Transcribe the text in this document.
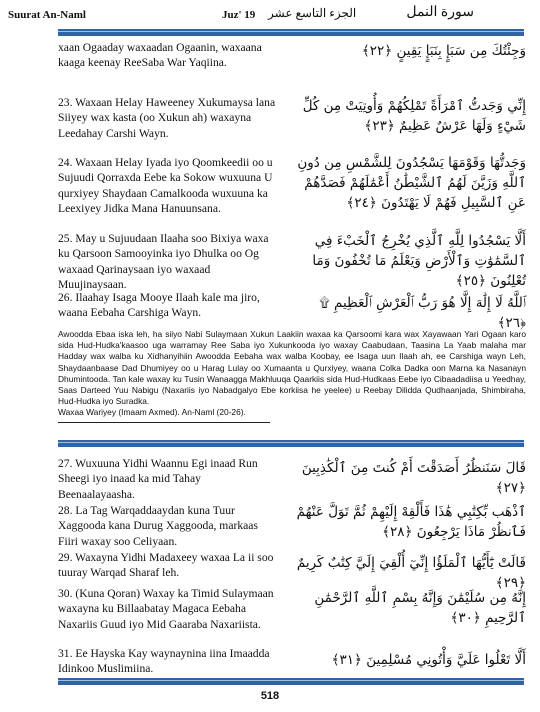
Suurat An-Naml	Juz' 19 الجزء التاسع عشر	سورة النمل
xaan Ogaaday waxaadan Ogaanin, waxaana kaaga keenay ReeSaba War Yaqiina.
وَجِئْتُكَ مِن سَبَإٍ بِنَبَإٍ يَقِينٍ ﴿٢٢﴾
23. Waxaan Helay Haweeney Xukumaysa lana Siiyey wax kasta (oo Xukun ah) waxayna Leedahay Carshi Wayn.
إِنِّي وَجَدتُّ ٱمْرَأَةً تَمْلِكُهُمْ وَأُوتِيَتْ مِن كُلِّ شَيْءٍ وَلَهَا عَرْشٌ عَظِيمٌ ﴿٢٣﴾
24. Waxaan Helay Iyada iyo Qoomkeedii oo u Sujuudi Qorraxda Eebe ka Sokow wuxuuna U qurxiyey Shaydaan Camalkooda wuxuuna ka Leexiyey Jidka Mana Hanuunsana.
وَجَدتُّهَا وَقَوْمَهَا يَسْجُدُونَ لِلشَّمْسِ مِن دُونِ ٱللَّهِ وَزَيَّنَ لَهُمُ ٱلشَّيْطَٰنُ أَعْمَٰلَهُمْ فَصَدَّهُمْ عَنِ ٱلسَّبِيلِ فَهُمْ لَا يَهْتَدُونَ ﴿٢٤﴾
25. May u Sujuudaan Ilaaha soo Bixiya waxa ku Qarsoon Samooyinka iyo Dhulka oo Og waxaad Qarinaysaan iyo waxaad Muujinaysaan.
أَلَّا يَسْجُدُوا لِلَّهِ ٱلَّذِي يُخْرِجُ ٱلْخَبْءَ فِي ٱلسَّمَٰوَٰتِ وَٱلْأَرْضِ وَيَعْلَمُ مَا تُخْفُونَ وَمَا تُعْلِنُونَ ﴿٢٥﴾
26. Ilaahay Isaga Mooye Ilaah kale ma jiro, waana Eebaha Carshiga Wayn.
ٱللَّهُ لَا إِلَٰهَ إِلَّا هُوَ رَبُّ ٱلْعَرْشِ ٱلْعَظِيمِ ۩ ﴿٢٦﴾
Awoodda Ebaa iska leh, ha siiyo Nabi Sulaymaan Xukun Laakiin waxaa ka Qarsoomi kara wax Xayawaan Yari Ogaan karo sida Hud-Hudka'kaasoo uga warramay Ree Saba iyo Xukunkooda iyo waxay Caabudaan, Taasina La Yaab malaha mar Hadday wax walba ku Xidhanyihiin Awoodda Eebaha wax walba Koobay, ee Isaga uun Ilaah ah, ee Carshiga wayn Leh, Shaydaanbaase Dad Dhumiyey oo u Harag Lulay oo Xumaanta u Qurxiyey, waana Colka Dadka oon Marna ka Nasanayn Dhumintooda. Tan kale waxay ku Tusin Wanaagga Makhluuqa Qaarkiis sida Hud-Hudkaas Eebe iyo Cibaadadiisa u Yeedhay, Saas Darteed Yuu Nabigu (Naxariis iyo Nabadgalyo Ebe korkiisa he yeelee) u Reebay Dilidda Qudhaanjada, Shimbiraha, Hud-Hudka iyo Suradka.
Waxaa Wariyey (Imaam Axmed). An-Naml (20-26).
27. Wuxuuna Yidhi Waannu Egi inaad Run Sheegi iyo inaad ka mid Tahay Beenaalayaasha.
قَالَ سَنَنظُرُ أَصَدَقْتَ أَمْ كُنتَ مِنَ ٱلْكَٰذِبِينَ ﴿٢٧﴾
28. La Tag Warqaddaaydan kuna Tuur Xaggooda kana Durug Xaggooda, markaas Fiiri waxay soo Celiyaan.
ٱذْهَب بِّكِتَٰبِي هَٰذَا فَأَلْقِهْ إِلَيْهِمْ ثُمَّ تَوَلَّ عَنْهُمْ فَٱنظُرْ مَاذَا يَرْجِعُونَ ﴿٢٨﴾
29. Waxayna Yidhi Madaxeey waxaa La ii soo tuuray Warqad Sharaf leh.
قَالَتْ يَٰٓأَيُّهَا ٱلْمَلَؤُا إِنِّيٓ أُلْقِيَ إِلَيَّ كِتَٰبٌ كَرِيمٌ ﴿٢٩﴾
30. (Kuna Qoran) Waxay ka Timid Sulaymaan waxayna ku Billaabatay Magaca Eebaha Naxariis Guud iyo Mid Gaaraba Naxariista.
إِنَّهُ مِن سُلَيْمَٰنَ وَإِنَّهُ بِسْمِ ٱللَّهِ ٱلرَّحْمَٰنِ ٱلرَّحِيمِ ﴿٣٠﴾
31. Ee Hayska Kay waynaynina iina Imaadda Idinkoo Muslimiina.
أَلَّا تَعْلُوا عَلَيَّ وَأْتُونِي مُسْلِمِينَ ﴿٣١﴾
518
